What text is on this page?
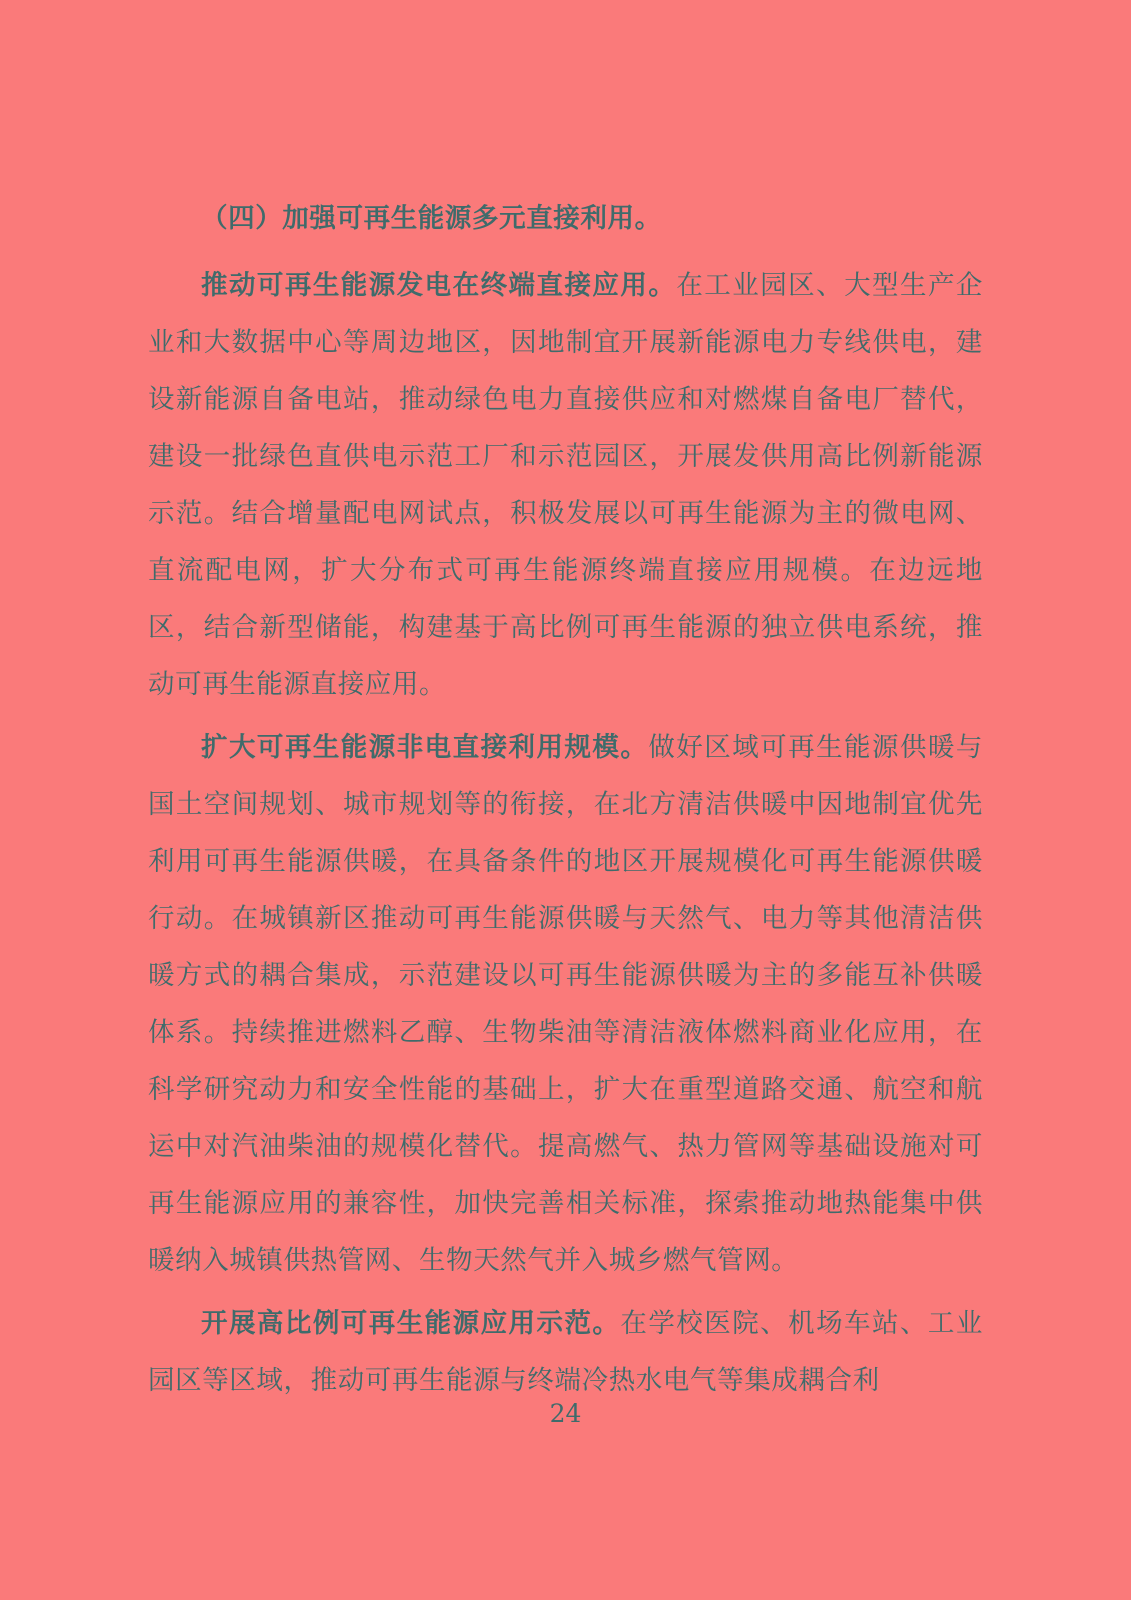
（四）加强可再生能源多元直接利用。

推动可再生能源发电在终端直接应用。在工业园区、大型生产企业和大数据中心等周边地区，因地制宜开展新能源电力专线供电，建设新能源自备电站，推动绿色电力直接供应和对燃煤自备电厂替代，建设一批绿色直供电示范工厂和示范园区，开展发供用高比例新能源示范。结合增量配电网试点，积极发展以可再生能源为主的微电网、直流配电网，扩大分布式可再生能源终端直接应用规模。在边远地区，结合新型储能，构建基于高比例可再生能源的独立供电系统，推动可再生能源直接应用。

扩大可再生能源非电直接利用规模。做好区域可再生能源供暖与国土空间规划、城市规划等的衔接，在北方清洁供暖中因地制宜优先利用可再生能源供暖，在具备条件的地区开展规模化可再生能源供暖行动。在城镇新区推动可再生能源供暖与天然气、电力等其他清洁供暖方式的耦合集成，示范建设以可再生能源供暖为主的多能互补供暖体系。持续推进燃料乙醇、生物柴油等清洁液体燃料商业化应用，在科学研究动力和安全性能的基础上，扩大在重型道路交通、航空和航运中对汽油柴油的规模化替代。提高燃气、热力管网等基础设施对可再生能源应用的兼容性，加快完善相关标准，探索推动地热能集中供暖纳入城镇供热管网、生物天然气并入城乡燃气管网。

开展高比例可再生能源应用示范。在学校医院、机场车站、工业园区等区域，推动可再生能源与终端冷热水电气等集成耦合利

24
